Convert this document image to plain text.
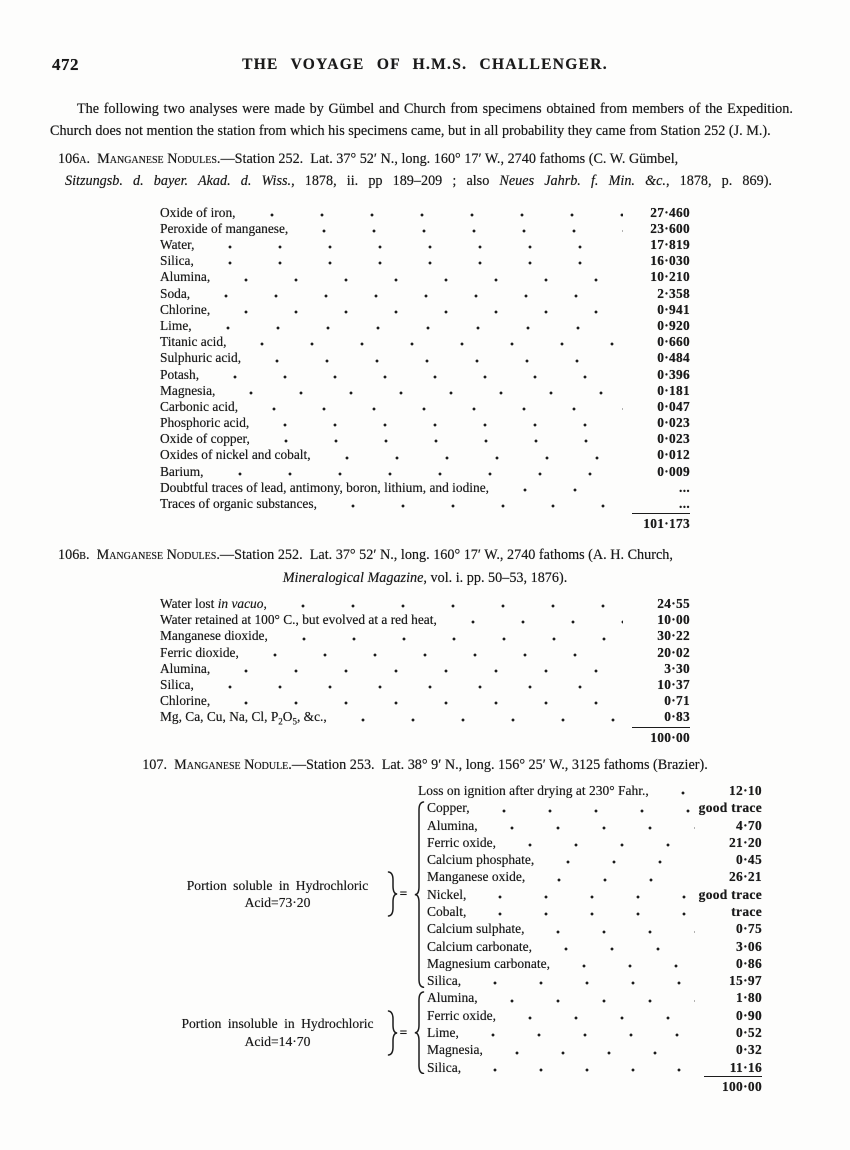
472	THE VOYAGE OF H.M.S. CHALLENGER.

The following two analyses were made by Gümbel and Church from specimens obtained from members of the Expedition. Church does not mention the station from which his specimens came, but in all probability they came from Station 252 (J. M.).

106a. Manganese Nodules.—Station 252. Lat. 37° 52′ N., long. 160° 17′ W., 2740 fathoms (C. W. Gümbel,
Sitzungsb. d. bayer. Akad. d. Wiss., 1878, ii. pp 189–209 ; also Neues Jahrb. f. Min. &c., 1878, p. 869).
Oxide of iron,	27·460
Peroxide of manganese,	23·600
Water,	17·819
Silica,	16·030
Alumina,	10·210
Soda,	2·358
Chlorine,	0·941
Lime,	0·920
Titanic acid,	0·660
Sulphuric acid,	0·484
Potash,	0·396
Magnesia,	0·181
Carbonic acid,	0·047
Phosphoric acid,	0·023
Oxide of copper,	0·023
Oxides of nickel and cobalt,	0·012
Barium,	0·009
Doubtful traces of lead, antimony, boron, lithium, and iodine,	...
Traces of organic substances,	...
101·173
106b. Manganese Nodules.—Station 252. Lat. 37° 52′ N., long. 160° 17′ W., 2740 fathoms (A. H. Church,
Mineralogical Magazine, vol. i. pp. 50–53, 1876).
Water lost in vacuo,	24·55
Water retained at 100° C., but evolved at a red heat,	10·00
Manganese dioxide,	30·22
Ferric dioxide,	20·02
Alumina,	3·30
Silica,	10·37
Chlorine,	0·71
Mg, Ca, Cu, Na, Cl, $P_2O_5$, &c.,	0·83
100·00
107. Manganese Nodule.—Station 253. Lat. 38° 9′ N., long. 156° 25′ W., 3125 fathoms (Brazier).
Loss on ignition after drying at 230° Fahr.,	12·10
Portion soluble in Hydrochloric
Acid=73·20
=
Copper,	good trace
Alumina,	4·70
Ferric oxide,	21·20
Calcium phosphate,	0·45
Manganese oxide,	26·21
Nickel,	good trace
Cobalt,	trace
Calcium sulphate,	0·75
Calcium carbonate,	3·06
Magnesium carbonate,	0·86
Silica,	15·97
Portion insoluble in Hydrochloric
Acid=14·70
=
Alumina,	1·80
Ferric oxide,	0·90
Lime,	0·52
Magnesia,	0·32
Silica,	11·16
100·00
